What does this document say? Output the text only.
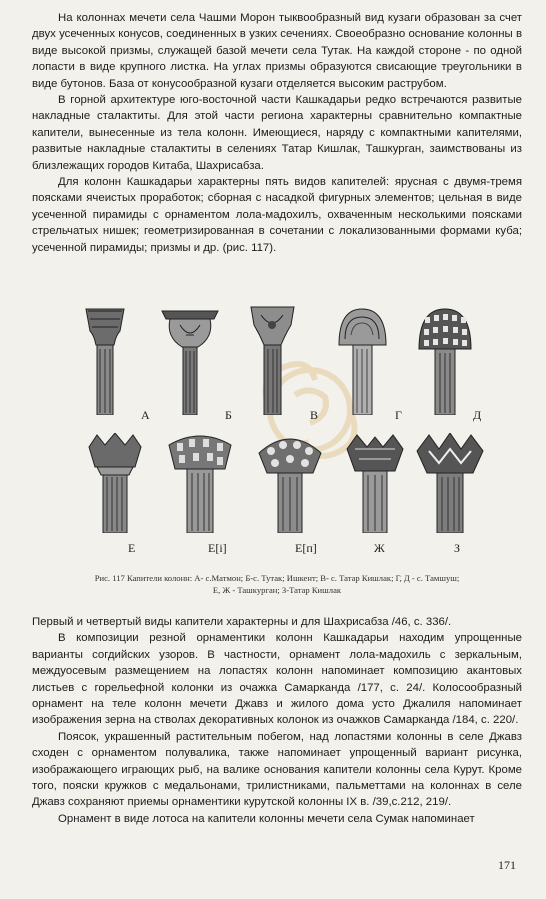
На колоннах мечети села Чашми Морон тыквообразный вид кузаги образован за счет двух усеченных конусов, соединенных в узких сечениях. Своеобразно основание колонны в виде высокой призмы, служащей базой мечети села Тутак. На каждой стороне - по одной лопасти в виде крупного листка. На углах призмы образуются свисающие треугольники в виде бутонов. База от конусообразной кузаги отделяется высоким раструбом.

В горной архитектуре юго-восточной части Кашкадарьи редко встречаются развитые накладные сталактиты. Для этой части региона характерны сравнительно компактные капители, вынесенные из тела колонн. Имеющиеся, наряду с компактными капителями, развитые накладные сталактиты в селениях Татар Кишлак, Ташкурган, заимствованы из близлежащих городов Китаба, Шахрисабза.

Для колонн Кашкадарьи характерны пять видов капителей: ярусная с двумя-тремя поясками ячеистых проработок; сборная с насадкой фигурных элементов; цельная в виде усеченной пирамиды с орнаментом лола-мадохилъ, охваченным несколькими поясками стрельчатых нишек; геометризированная в сочетании с локализованными формами куба; усеченной пирамиды; призмы и др. (рис. 117).

А	Б	В	Г	Д
Е	Е[i]	Е[п]	Ж	З
Рис. 117 Капители колонн: А- с.Матмон; Б-с. Тутак; Ишкент; В- с. Татар Кишлак; Г, Д - с. Тамшуш;
Е, Ж - Ташкурган; З-Татар Кишлак

Первый и четвертый виды капители характерны и для Шахрисабза /46, с. 336/.

В композиции резной орнаментики колонн Кашкадарьи находим упрощенные варианты согдийских узоров. В частности, орнамент лола-мадохиль с зеркальным, междуосевым размещением на лопастях колонн напоминает композицию акантовых листьев с горельефной колонки из очажка Самарканда /177, с. 24/. Колосообразный орнамент на теле колонн мечети Джавз и жилого дома усто Джалиля напоминает изображения зерна на стволах декоративных колонок из очажков Самарканда /184, с. 220/.

Поясок, украшенный растительным побегом, над лопастями колонны в селе Джавз сходен с орнаментом полувалика, также напоминает упрощенный вариант рисунка, изображающего играющих рыб, на валике основания капители колонны села Курут. Кроме того, пояски кружков с медальонами, трилистниками, пальметтами на колоннах в селе Джавз сохраняют приемы орнаментики курутской колонны IX в. /39,с.212, 219/.

Орнамент в виде лотоса на капители колонны мечети села Сумак напоминает

171
